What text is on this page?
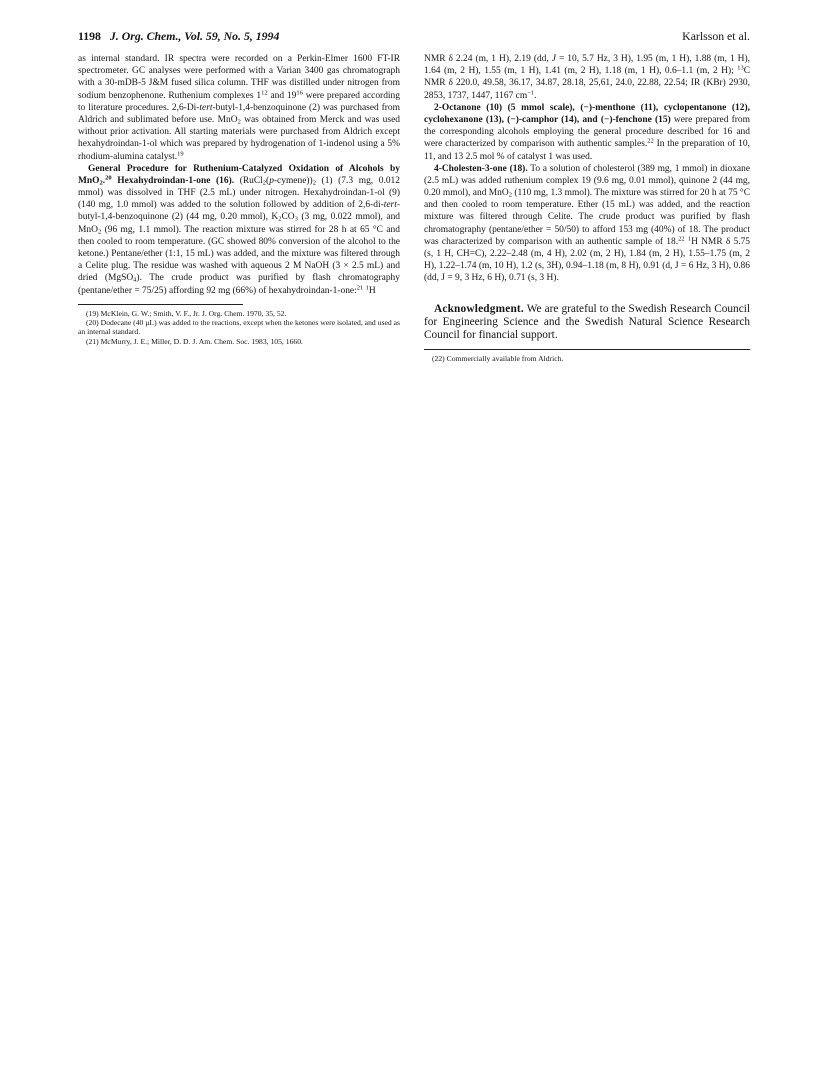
1198 J. Org. Chem., Vol. 59, No. 5, 1994	Karlsson et al.

as internal standard. IR spectra were recorded on a Perkin-Elmer 1600 FT-IR spectrometer. GC analyses were performed with a Varian 3400 gas chromatograph with a 30-mDB-5 J&M fused silica column. THF was distilled under nitrogen from sodium benzophenone. Ruthenium complexes $1^{12}$ and $19^{16}$ were prepared according to literature procedures. 2,6-Di-tert-butyl-1,4-benzoquinone (2) was purchased from Aldrich and sublimated before use. MnO$_2$ was obtained from Merck and was used without prior activation. All starting materials were purchased from Aldrich except hexahydroindan-1-ol which was prepared by hydrogenation of 1-indenol using a 5% rhodium-alumina catalyst.$^{19}$

General Procedure for Ruthenium-Catalyzed Oxidation of Alcohols by MnO$_2$.$^{20}$ Hexahydroindan-1-one (16). $(RuCl_2(p-cymene))_2$ (1) (7.3 mg, 0.012 mmol) was dissolved in THF (2.5 mL) under nitrogen. Hexahydroindan-1-ol (9) (140 mg, 1.0 mmol) was added to the solution followed by addition of 2,6-di-tert-butyl-1,4-benzoquinone (2) (44 mg, 0.20 mmol), $K_2CO_3$ (3 mg, 0.022 mmol), and MnO$_2$ (96 mg, 1.1 mmol). The reaction mixture was stirred for 28 h at 65 °C and then cooled to room temperature. (GC showed 80% conversion of the alcohol to the ketone.) Pentane/ether (1:1, 15 mL) was added, and the mixture was filtered through a Celite plug. The residue was washed with aqueous 2 M NaOH (3 × 2.5 mL) and dried (MgSO$_4$). The crude product was purified by flash chromatography (pentane/ether = 75/25) affording 92 mg (66%) of hexahydroindan-1-one:$^{21}$ $^1$H

(19) McKlein, G. W.; Smith, V. F., Jr. J. Org. Chem. 1970, 35, 52.

(20) Dodecane (40 μL) was added to the reactions, except when the ketones were isolated, and used as an internal standard.

(21) McMurry, J. E.; Miller, D. D. J. Am. Chem. Soc. 1983, 105, 1660.

NMR δ 2.24 (m, 1 H), 2.19 (dd, J = 10, 5.7 Hz, 3 H), 1.95 (m, 1 H), 1.88 (m, 1 H), 1.64 (m, 2 H), 1.55 (m, 1 H), 1.41 (m, 2 H), 1.18 (m, 1 H), 0.6–1.1 (m, 2 H); $^{13}$C NMR δ 220.0, 49.58, 36.17, 34.87, 28.18, 25,61, 24.0, 22.88, 22.54; IR (KBr) 2930, 2853, 1737, 1447, 1167 $cm^{-1}$.

2-Octanone (10) (5 mmol scale), (−)-menthone (11), cyclopentanone (12), cyclohexanone (13), (−)-camphor (14), and (−)-fenchone (15) were prepared from the corresponding alcohols employing the general procedure described for 16 and were characterized by comparison with authentic samples.$^{22}$ In the preparation of 10, 11, and 13 2.5 mol % of catalyst 1 was used.

4-Cholesten-3-one (18). To a solution of cholesterol (389 mg, 1 mmol) in dioxane (2.5 mL) was added ruthenium complex 19 (9.6 mg, 0.01 mmol), quinone 2 (44 mg, 0.20 mmol), and MnO$_2$ (110 mg, 1.3 mmol). The mixture was stirred for 20 h at 75 °C and then cooled to room temperature. Ether (15 mL) was added, and the reaction mixture was filtered through Celite. The crude product was purified by flash chromatography (pentane/ether = 50/50) to afford 153 mg (40%) of 18. The product was characterized by comparison with an authentic sample of 18.22 $^1$H NMR δ 5.75 (s, 1 H, CH=C), 2.22–2.48 (m, 4 H), 2.02 (m, 2 H), 1.84 (m, 2 H), 1.55–1.75 (m, 2 H), 1.22–1.74 (m, 10 H), 1.2 (s, 3H), 0.94–1.18 (m, 8 H), 0.91 (d, J = 6 Hz, 3 H), 0.86 (dd, J = 9, 3 Hz, 6 H), 0.71 (s, 3 H).

Acknowledgment. We are grateful to the Swedish Research Council for Engineering Science and the Swedish Natural Science Research Council for financial support.

(22) Commercially available from Aldrich.
